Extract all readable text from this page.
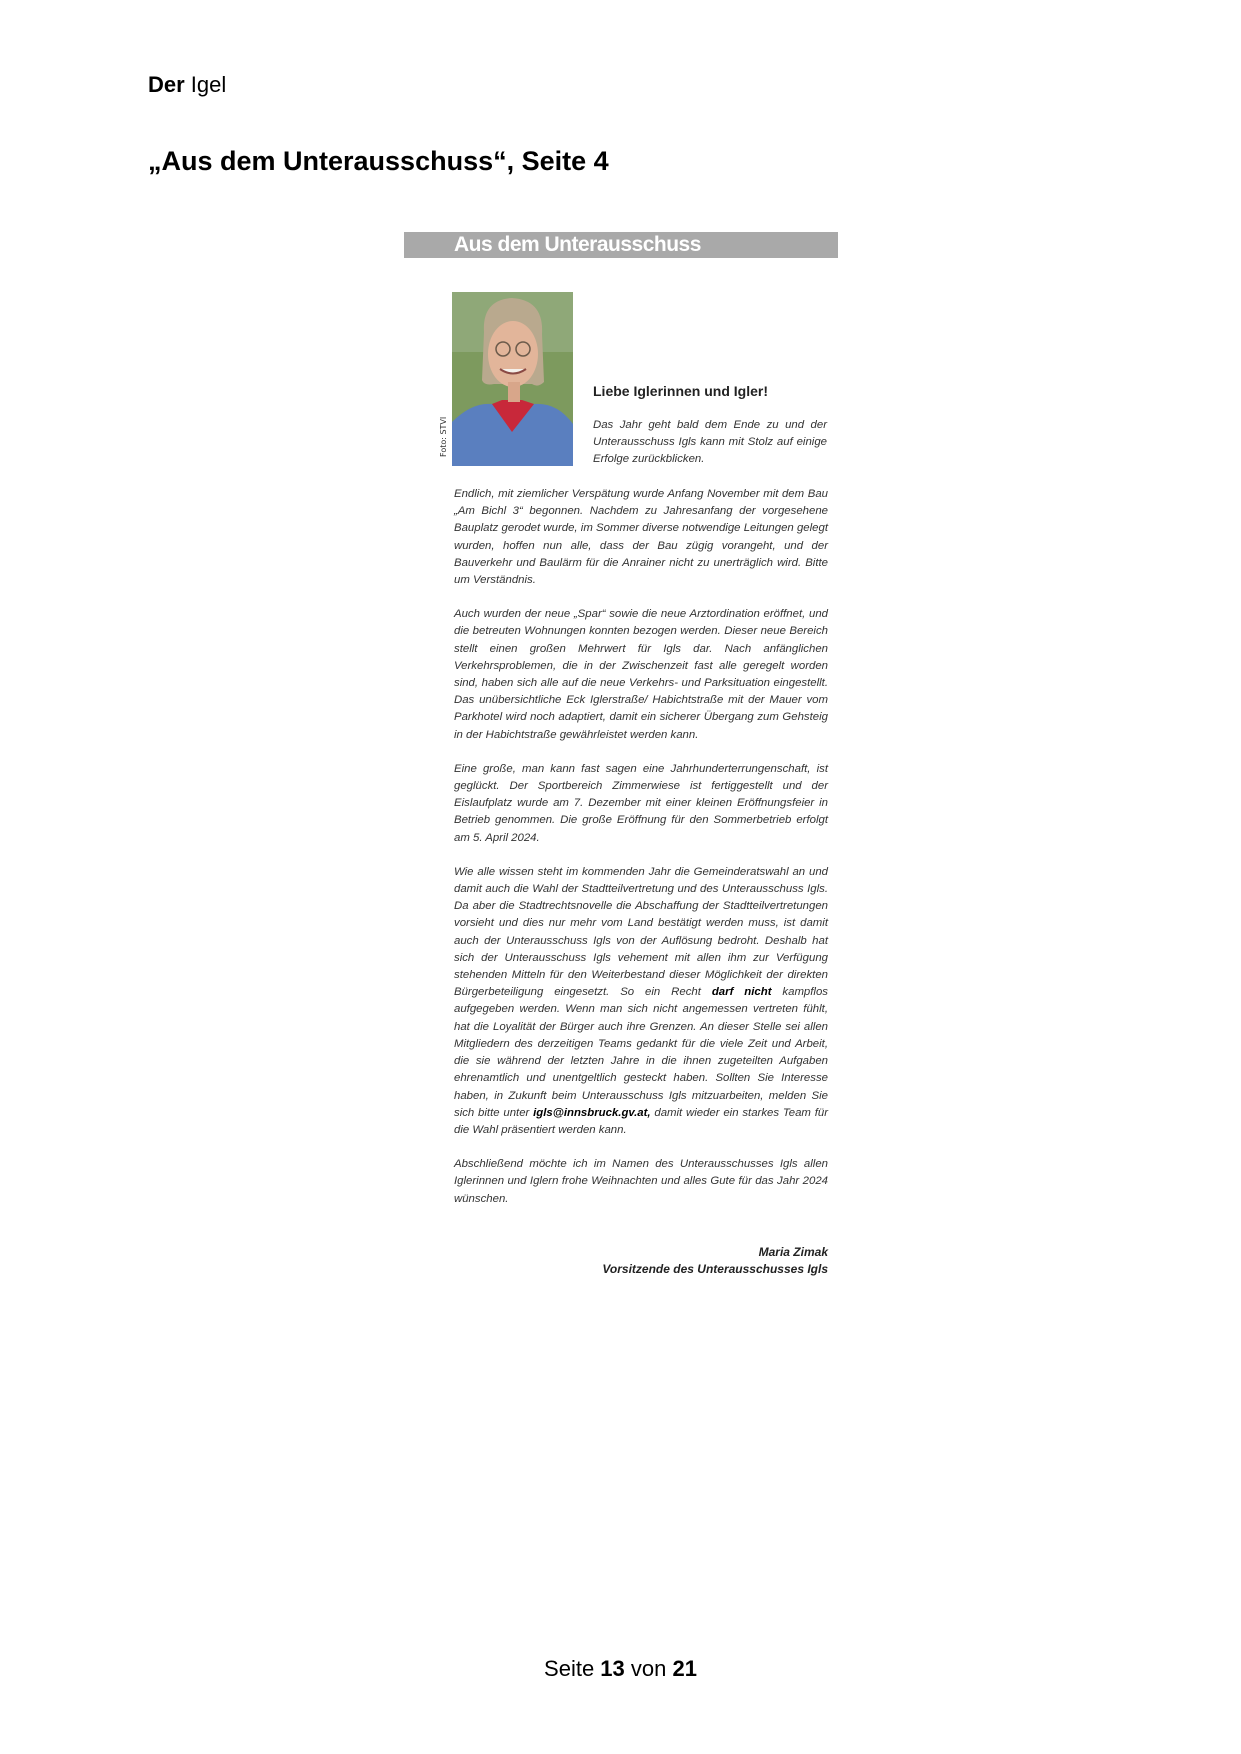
Der Igel
„Aus dem Unterausschuss“, Seite 4
Aus dem Unterausschuss
Foto: STVI
Liebe Iglerinnen und Igler!
Das Jahr geht bald dem Ende zu und der Unterausschuss Igls kann mit Stolz auf einige Erfolge zurückblicken.

Endlich, mit ziemlicher Verspätung wurde Anfang November mit dem Bau „Am Bichl 3“ begonnen. Nachdem zu Jahresanfang der vorgesehene Bauplatz gerodet wurde, im Sommer diverse notwendige Leitungen gelegt wurden, hoffen nun alle, dass der Bau zügig vorangeht, und der Bauverkehr und Baulärm für die Anrainer nicht zu unerträglich wird. Bitte um Verständnis.

Auch wurden der neue „Spar“ sowie die neue Arztordination eröffnet, und die betreuten Wohnungen konnten bezogen werden. Dieser neue Bereich stellt einen großen Mehrwert für Igls dar. Nach anfänglichen Verkehrsproblemen, die in der Zwischenzeit fast alle geregelt worden sind, haben sich alle auf die neue Verkehrs- und Parksituation eingestellt. Das unübersichtliche Eck Iglerstraße/ Habichtstraße mit der Mauer vom Parkhotel wird noch adaptiert, damit ein sicherer Übergang zum Gehsteig in der Habichtstraße gewährleistet werden kann.

Eine große, man kann fast sagen eine Jahrhunderterrungenschaft, ist geglückt. Der Sportbereich Zimmerwiese ist fertiggestellt und der Eislaufplatz wurde am 7. Dezember mit einer kleinen Eröffnungsfeier in Betrieb genommen. Die große Eröffnung für den Sommerbetrieb erfolgt am 5. April 2024.

Wie alle wissen steht im kommenden Jahr die Gemeinderatswahl an und damit auch die Wahl der Stadtteilvertretung und des Unterausschuss Igls. Da aber die Stadtrechtsnovelle die Abschaffung der Stadtteilvertretungen vorsieht und dies nur mehr vom Land bestätigt werden muss, ist damit auch der Unterausschuss Igls von der Auflösung bedroht. Deshalb hat sich der Unterausschuss Igls vehement mit allen ihm zur Verfügung stehenden Mitteln für den Weiterbestand dieser Möglichkeit der direkten Bürgerbeteiligung eingesetzt. So ein Recht darf nicht kampflos aufgegeben werden. Wenn man sich nicht angemessen vertreten fühlt, hat die Loyalität der Bürger auch ihre Grenzen. An dieser Stelle sei allen Mitgliedern des derzeitigen Teams gedankt für die viele Zeit und Arbeit, die sie während der letzten Jahre in die ihnen zugeteilten Aufgaben ehrenamtlich und unentgeltlich gesteckt haben. Sollten Sie Interesse haben, in Zukunft beim Unterausschuss Igls mitzuarbeiten, melden Sie sich bitte unter igls@innsbruck.gv.at, damit wieder ein starkes Team für die Wahl präsentiert werden kann.

Abschließend möchte ich im Namen des Unterausschusses Igls allen Iglerinnen und Iglern frohe Weihnachten und alles Gute für das Jahr 2024 wünschen.

Maria Zimak
Vorsitzende des Unterausschusses Igls
Seite 13 von 21
